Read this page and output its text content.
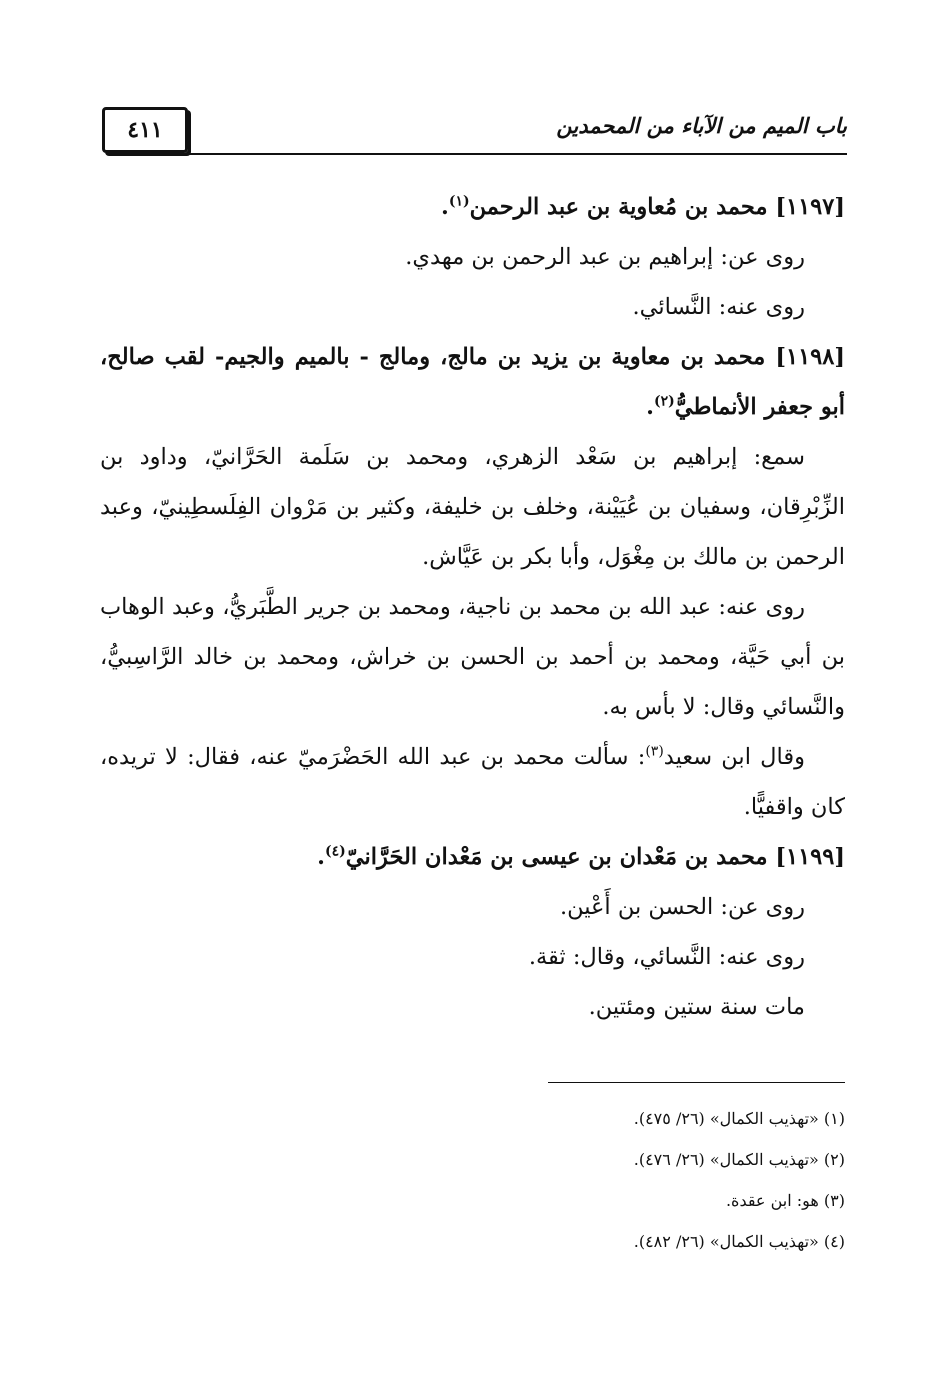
٤١١	باب الميم من الآباء من المحمدين

[١١٩٧] محمد بن مُعاوية بن عبد الرحمن$^{(١)}$.

روى عن: إبراهيم بن عبد الرحمن بن مهدي.

روى عنه: النَّسائي.

[١١٩٨] محمد بن معاوية بن يزيد بن مالج، ومالج - بالميم والجيم- لقب صالح، أبو جعفر الأنماطيُّ$^{(٢)}$.

سمع: إبراهيم بن سَعْد الزهري، ومحمد بن سَلَمة الحَرَّانيّ، وداود بن الزِّبْرِقان، وسفيان بن عُيَيْنة، وخلف بن خليفة، وكثير بن مَرْوان الفِلَسطِينيّ، وعبد الرحمن بن مالك بن مِغْوَل، وأبا بكر بن عَيَّاش.

روى عنه: عبد الله بن محمد بن ناجية، ومحمد بن جرير الطَّبَريُّ، وعبد الوهاب بن أبي حَيَّة، ومحمد بن أحمد بن الحسن بن خراش، ومحمد بن خالد الرَّاسِبيُّ، والنَّسائي وقال: لا بأس به.

وقال ابن سعيد$^{(٣)}$: سألت محمد بن عبد الله الحَضْرَميّ عنه، فقال: لا تريده، كان واقفيًّا.

[١١٩٩] محمد بن مَعْدان بن عيسى بن مَعْدان الحَرَّانيّ$^{(٤)}$.

روى عن: الحسن بن أَعْين.

روى عنه: النَّسائي، وقال: ثقة.

مات سنة ستين ومئتين.

(١) «تهذيب الكمال» (٢٦/ ٤٧٥).

(٢) «تهذيب الكمال» (٢٦/ ٤٧٦).

(٣) هو: ابن عقدة.

(٤) «تهذيب الكمال» (٢٦/ ٤٨٢).
